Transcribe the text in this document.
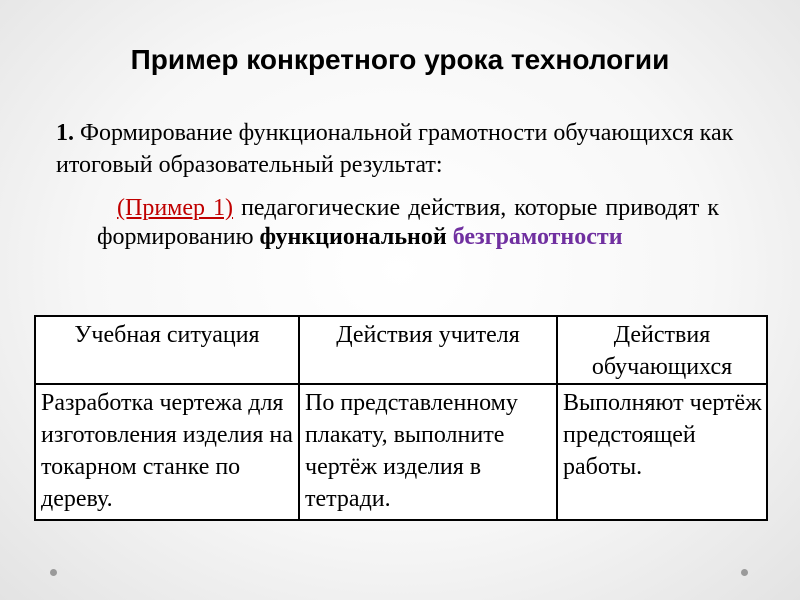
Пример конкретного урока технологии
1. Формирование функциональной грамотности обучающихся как итоговый образовательный результат:
(Пример 1) педагогические действия, которые приводят к формированию функциональной безграмотности
Учебная ситуация	Действия учителя	Действия обучающихся
Разработка чертежа для изготовления изделия на токарном станке по дереву.	По представленному плакату, выполните чертёж изделия в тетради.	Выполняют чертёж предстоящей работы.
